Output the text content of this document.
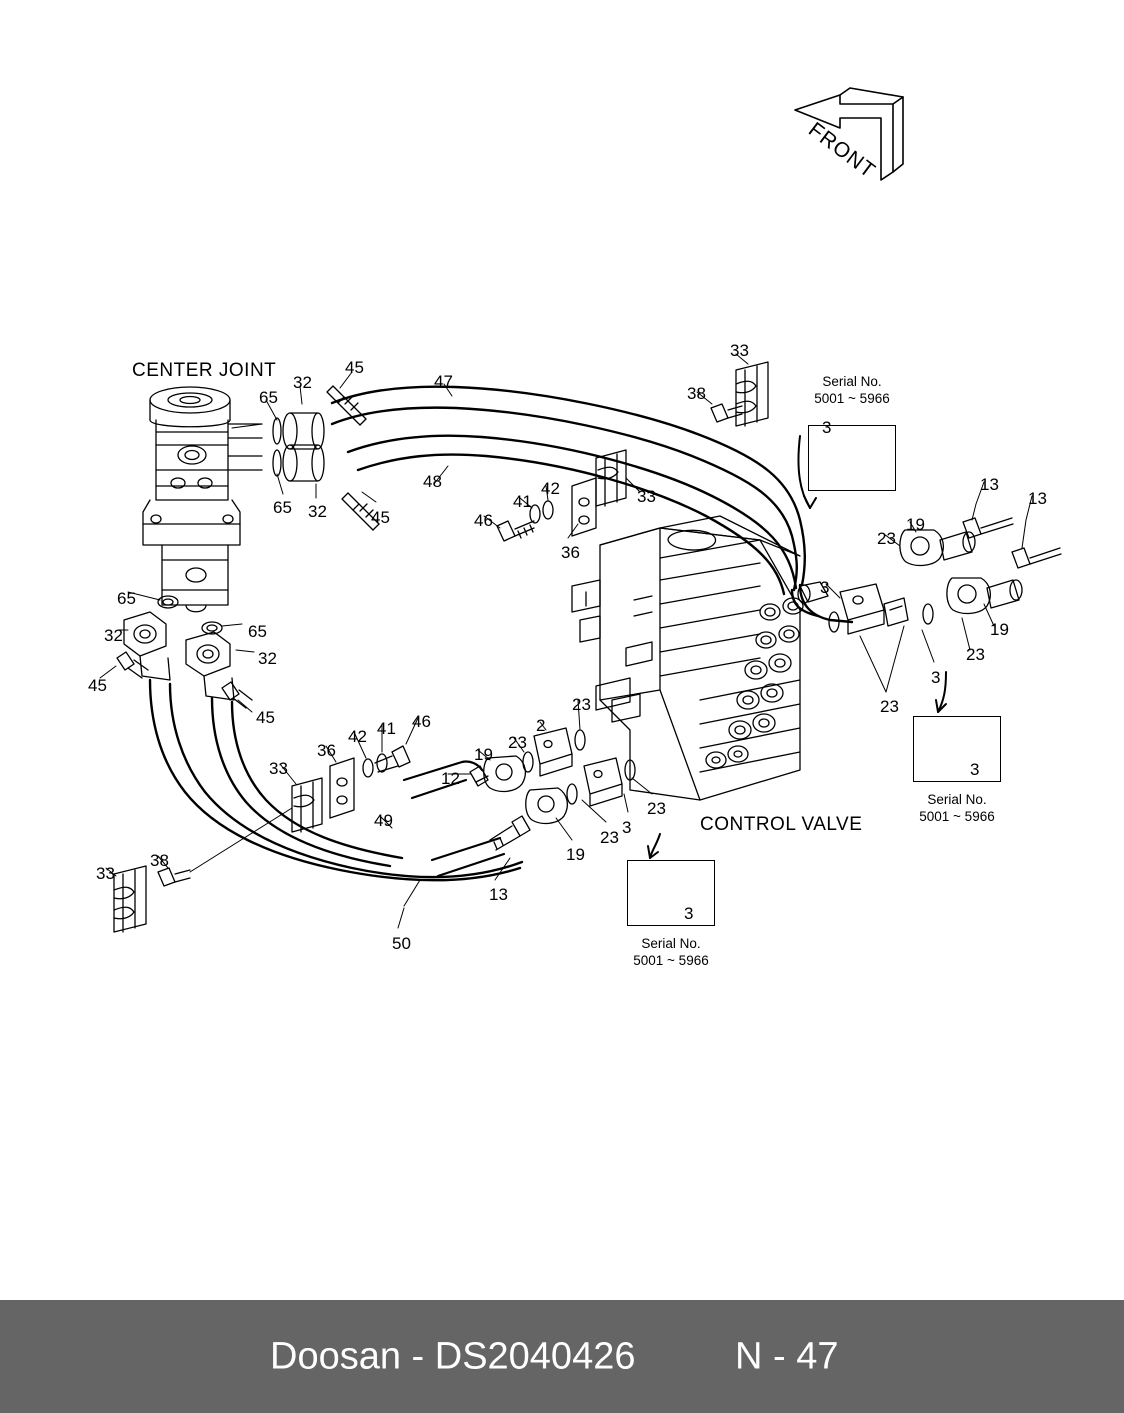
Serial No.
5001 ~ 5966
3
Serial No.
5001 ~ 5966
3
Serial No.
5001 ~ 5966
3
CENTER JOINT
CONTROL VALVE
45
32
65
47
33
38
48
65 32	45
41
42	33
46
36
13
13
19
23
3
19
23
3
23
65
32	65
32
45
45	46
41
42
36
33
19
23
2
23
12
49	3
23
23
19
13
38
33
50
Doosan - DS2040426	N - 47
FRONT
